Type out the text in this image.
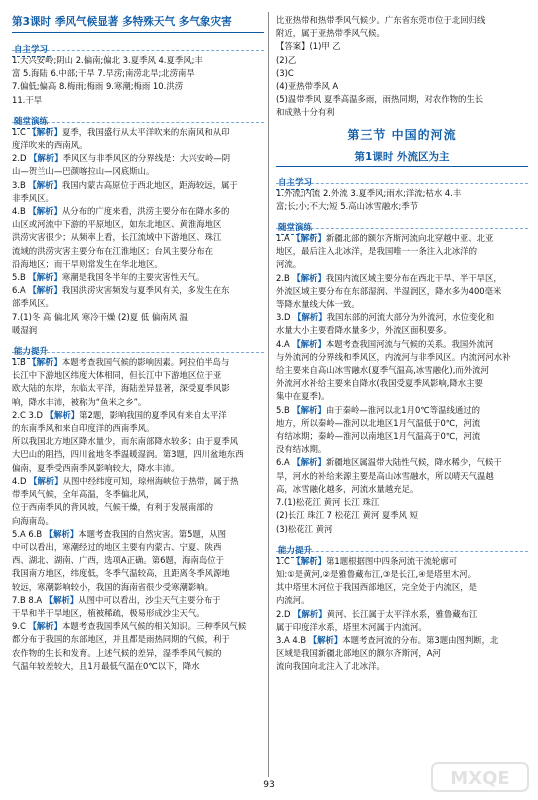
第3课时 季风气候显著 多特殊天气 多气象灾害
自主学习
1.大兴安岭;阴山 2.偏南;偏北 3.夏季风 4.夏季风;丰
富 5.海陆 6.中部;干旱 7.早涝;南涝北旱;北涝南旱
7.偏低;偏高 8.梅雨;梅雨 9.寒潮;梅雨 10.洪涝
11.干旱
随堂演练
1.C 【解析】夏季，我国盛行从太平洋吹来的东南风和从印
度洋吹来的西南风。
2.D 【解析】季风区与非季风区的分界线是：大兴安岭—阴
山—贺兰山—巴颜喀拉山—冈底斯山。
3.B 【解析】我国内蒙古高原位于西北地区，距海较远，属于
非季风区。
4.B 【解析】从分布的广度来看，洪涝主要分布在降水多的
山区或河流中下游的平原地区，如东北地区、黄淮海地区
洪涝灾害很少；从频率上看，长江流域中下游地区、珠江
流域的洪涝灾害主要分布在江淮地区；台风主要分布在
沿海地区；而干旱则常发生在华北地区。
5.B 【解析】寒潮是我国冬半年的主要灾害性天气。
6.A 【解析】我国洪涝灾害频发与夏季风有关，多发生在东
部季风区。
7.(1)冬 高 偏北风 寒冷干燥 (2)夏 低 偏南风 温
暖湿润
能力提升
1.B 【解析】本题考查我国气候的影响因素。阿拉伯半岛与
长江中下游地区纬度大体相同，但长江中下游地区位于亚
欧大陆的东岸，东临太平洋，海陆差异显著，深受夏季风影
响，降水丰沛，被称为“鱼米之乡”。
2.C 3.D 【解析】第2题，影响我国的夏季风有来自太平洋
的东南季风和来自印度洋的西南季风。
所以我国北方地区降水量少，而东南部降水较多；由于夏季风
大巴山的阻挡，四川盆地冬季温暖湿润。第3题，四川盆地东西
偏南，夏季受西南季风影响较大，降水丰沛。
4.D 【解析】从图中经纬度可知，琼州海峡位于热带，属于热
带季风气候，全年高温，冬季偏北风，
位于西南季风的背风坡，气候干燥，有利于发展南部的
向海南岛。
5.A 6.B 【解析】本题考查我国的自然灾害。第5题，从图
中可以看出，寒潮经过的地区主要有内蒙古、宁夏、陕西
西、湖北、湖南、广西，选项A正确。第6题，海南岛位于
我国南方地区，纬度低，冬季气温较高，且距离冬季风源地
较远，寒潮影响较小，我国的海南省很少受寒潮影响。
7.B 8.A 【解析】从图中可以看出，沙尘天气主要分布于
干旱和半干旱地区，植被稀疏，极易形成沙尘天气。
9.C 【解析】本题考查我国季风气候的相关知识。三种季风气候
都分布于我国的东部地区，并且都是雨热同期的气候，利于
农作物的生长和发育。上述气候的差异，湿季季风气候的
气温年较差较大，且1月最低气温在0℃以下，降水
比亚热带和热带季风气候少。广东省东莞市位于北回归线
附近，属于亚热带季风气候。
【答案】(1)甲 乙
(2)乙
(3)C
(4)亚热带季风 A
(5)温带季风 夏季高温多雨，雨热同期，对农作物的生长
和成熟十分有利
第三节 中国的河流
第1课时 外流区为主
自主学习
1.外流;内流 2.外流 3.夏季风;雨水;洋流;枯水 4.丰
富;长;小;不大;短 5.高山冰雪融水;季节
随堂演练
1.A 【解析】新疆北部的额尔齐斯河流向北穿越中亚、北亚
地区，最后注入北冰洋，是我国唯一一条注入北冰洋的
河流。
2.B 【解析】我国内流区域主要分布在西北干旱、半干旱区，
外流区域主要分布在东部湿润、半湿润区，降水多为400毫米
等降水量线大体一致。
3.D 【解析】我国东部的河流大部分为外流河，水位变化和
水量大小主要看降水量多少，外流区面积要多。
4.A 【解析】本题考查我国河流与气候的关系。我国外流河
与外流河的分界线和季风区，内流河与非季风区。内流河河水补
给主要来自高山冰雪融水(夏季气温高,冰雪融化),而外流河
外流河水补给主要来自降水(我国受夏季风影响,降水主要
集中在夏季)。
5.B 【解析】由于秦岭—淮河以北1月0℃等温线通过的
地方，所以秦岭—淮河以北地区1月气温低于0℃，河流
有结冰期；秦岭—淮河以南地区1月气温高于0℃，河流
没有结冰期。
6.A 【解析】新疆地区属温带大陆性气候，降水稀少，气候干
旱，河水的补给来源主要是高山冰雪融水，所以晴天气温越
高，冰雪融化越多，河流水量越充足。
7.(1)松花江 黄河 长江 珠江
(2)长江 珠江 7 松花江 黄河 夏季风 短
(3)松花江 黄河
能力提升
1.C 【解析】第1题根据图中四条河流干流轮廓可
知:①是黄河,②是雅鲁藏布江,③是长江,④是塔里木河。
其中塔里木河位于我国西部地区，完全处于内流区，是
内流河。
2.D 【解析】黄河、长江属于太平洋水系，雅鲁藏布江
属于印度洋水系，塔里木河属于内流河。
3.A 4.B 【解析】本题考查河流的分布。第3题由图判断，北
区域是我国新疆北部地区的额尔齐斯河，A河
流向我国向北注入了北冰洋。
93	MXQE
